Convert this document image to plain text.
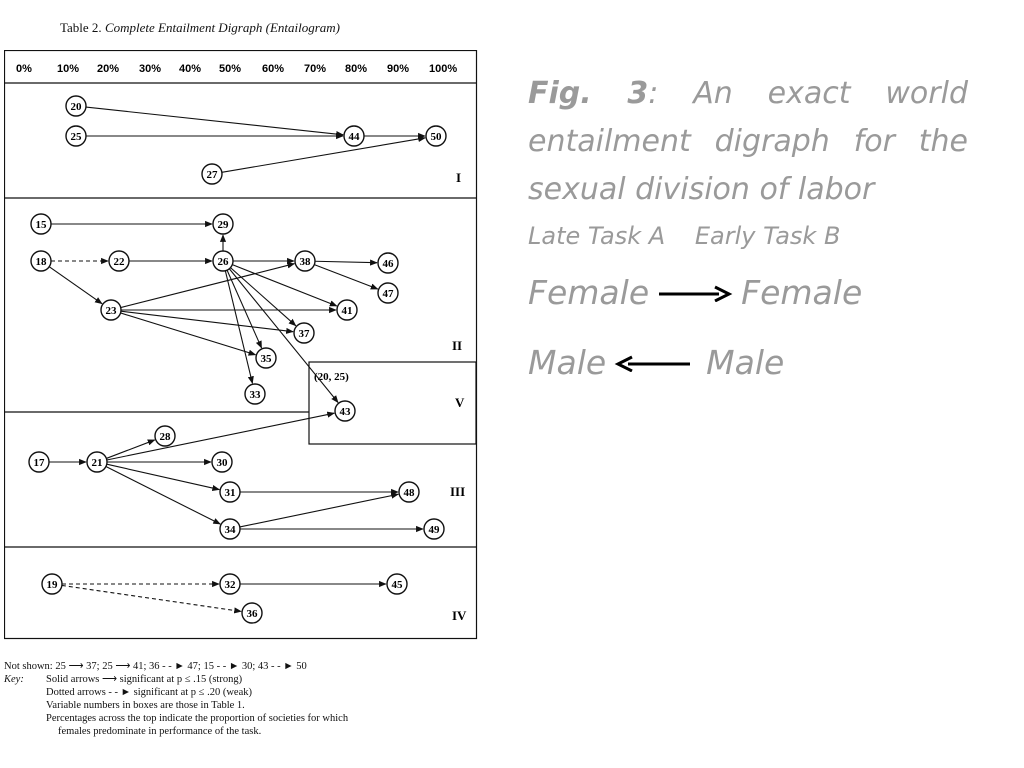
Table 2. Complete Entailment Digraph (Entailogram)
0% 10% 20% 30% 40% 50% 60% 70% 80% 90% 100%
(20, 25)
20
25	44	50
27
15	29
18	22	26	38	46
47
23	41
37
35
33
43
17	21
28
30
31	48
34	49
19	32	45
36
I
II
V
III
IV
Not shown:
25 ⟶ 37; 25 ⟶ 41; 36 - - ► 47; 15 - - ► 30; 43 - - ► 50
Key:	Solid arrows ⟶ significant at p ≤ .15 (strong)
Dotted arrows - - ► significant at p ≤ .20 (weak)
Variable numbers in boxes are those in Table 1.
Percentages across the top indicate the proportion of societies for which
females predominate in performance of the task.
Fig. 3: An exact world entailment digraph for the sexual division of labor
Late Task A Early Task B
Female	Female
Male	Male
